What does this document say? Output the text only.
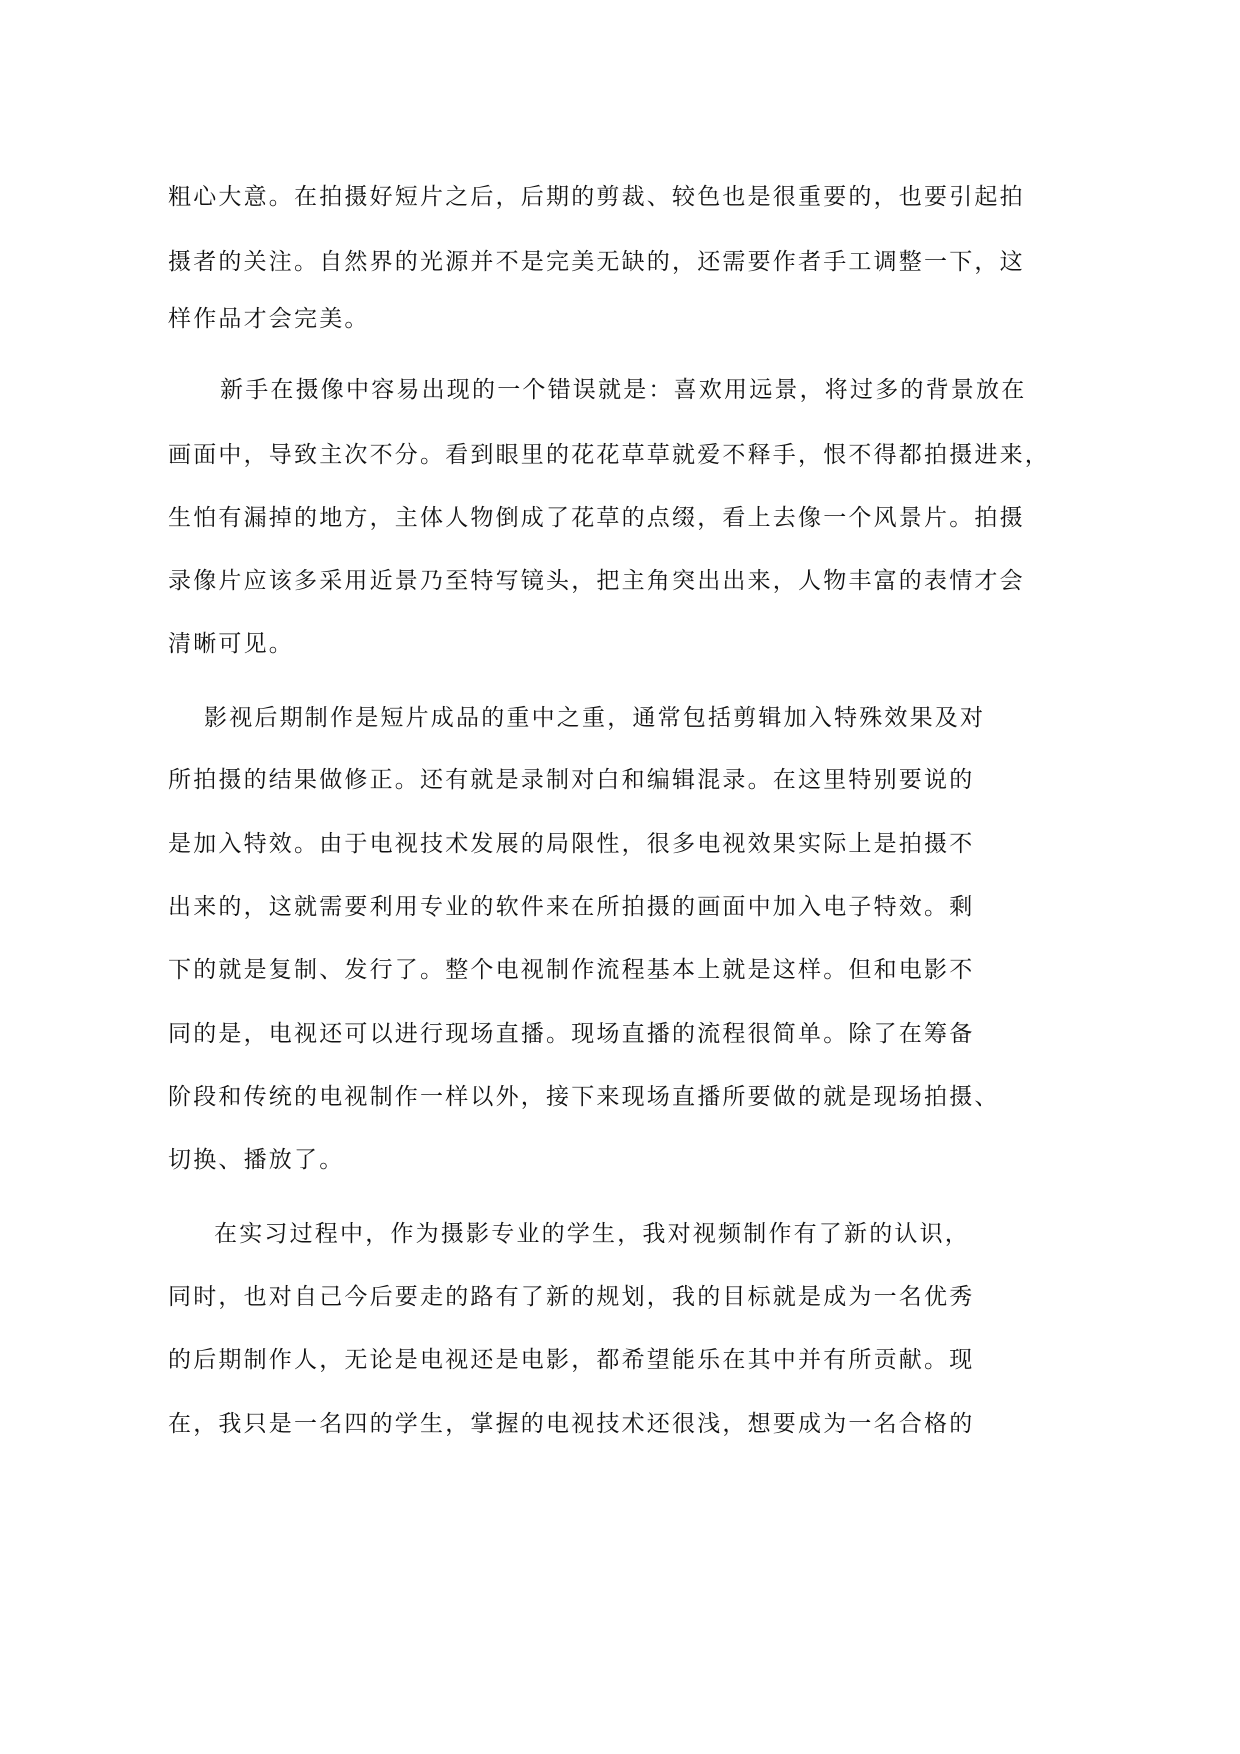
粗心大意。在拍摄好短片之后，后期的剪裁、较色也是很重要的，也要引起拍
摄者的关注。自然界的光源并不是完美无缺的，还需要作者手工调整一下，这
样作品才会完美。
新手在摄像中容易出现的一个错误就是：喜欢用远景，将过多的背景放在
画面中，导致主次不分。看到眼里的花花草草就爱不释手，恨不得都拍摄进来，
生怕有漏掉的地方，主体人物倒成了花草的点缀，看上去像一个风景片。拍摄
录像片应该多采用近景乃至特写镜头，把主角突出出来，人物丰富的表情才会
清晰可见。
影视后期制作是短片成品的重中之重，通常包括剪辑加入特殊效果及对
所拍摄的结果做修正。还有就是录制对白和编辑混录。在这里特别要说的
是加入特效。由于电视技术发展的局限性，很多电视效果实际上是拍摄不
出来的，这就需要利用专业的软件来在所拍摄的画面中加入电子特效。剩
下的就是复制、发行了。整个电视制作流程基本上就是这样。但和电影不
同的是，电视还可以进行现场直播。现场直播的流程很简单。除了在筹备
阶段和传统的电视制作一样以外，接下来现场直播所要做的就是现场拍摄、
切换、播放了。
在实习过程中，作为摄影专业的学生，我对视频制作有了新的认识，
同时，也对自己今后要走的路有了新的规划，我的目标就是成为一名优秀
的后期制作人，无论是电视还是电影，都希望能乐在其中并有所贡献。现
在，我只是一名四的学生，掌握的电视技术还很浅，想要成为一名合格的
